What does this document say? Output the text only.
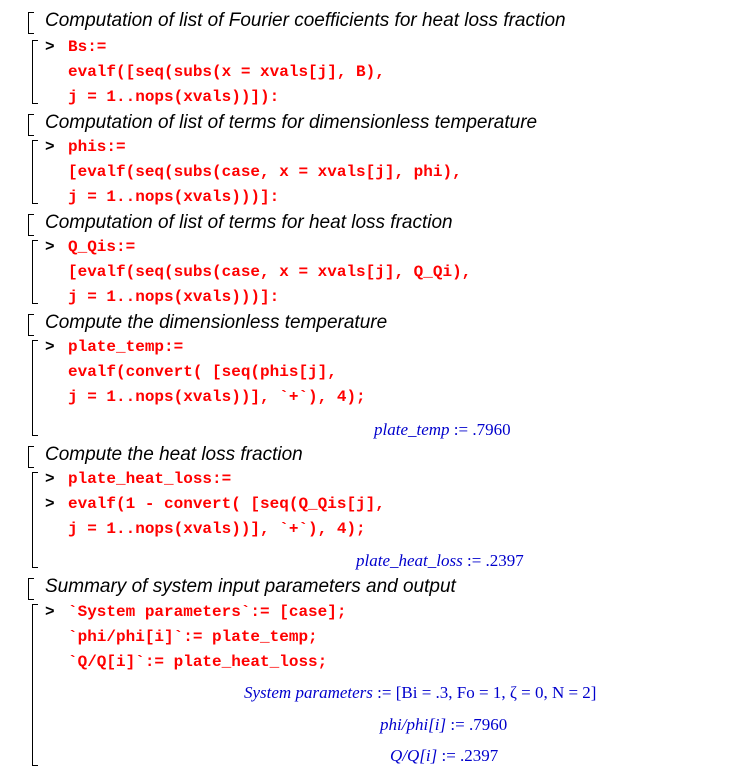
Computation of list of Fourier coefficients for heat loss fraction
> Bs:=
evalf([seq(subs(x = xvals[j], B),
j = 1..nops(xvals))]):
Computation of list of terms for dimensionless temperature
> phis:=
[evalf(seq(subs(case, x = xvals[j], phi),
j = 1..nops(xvals)))]:
Computation of list of terms for heat loss fraction
> Q_Qis:=
[evalf(seq(subs(case, x = xvals[j], Q_Qi),
j = 1..nops(xvals)))]:
Compute the dimensionless temperature
> plate_temp:=
evalf(convert( [seq(phis[j],
j = 1..nops(xvals))], `+`), 4);
plate_temp := .7960
Compute the heat loss fraction
> plate_heat_loss:=
> evalf(1 - convert( [seq(Q_Qis[j],
j = 1..nops(xvals))], `+`), 4);
plate_heat_loss := .2397
Summary of system input parameters and output
> `System parameters`:= [case];
`phi/phi[i]`:= plate_temp;
`Q/Q[i]`:= plate_heat_loss;
System parameters := [Bi = .3, Fo = 1, ζ = 0, N = 2]
phi/phi[i] := .7960
Q/Q[i] := .2397
